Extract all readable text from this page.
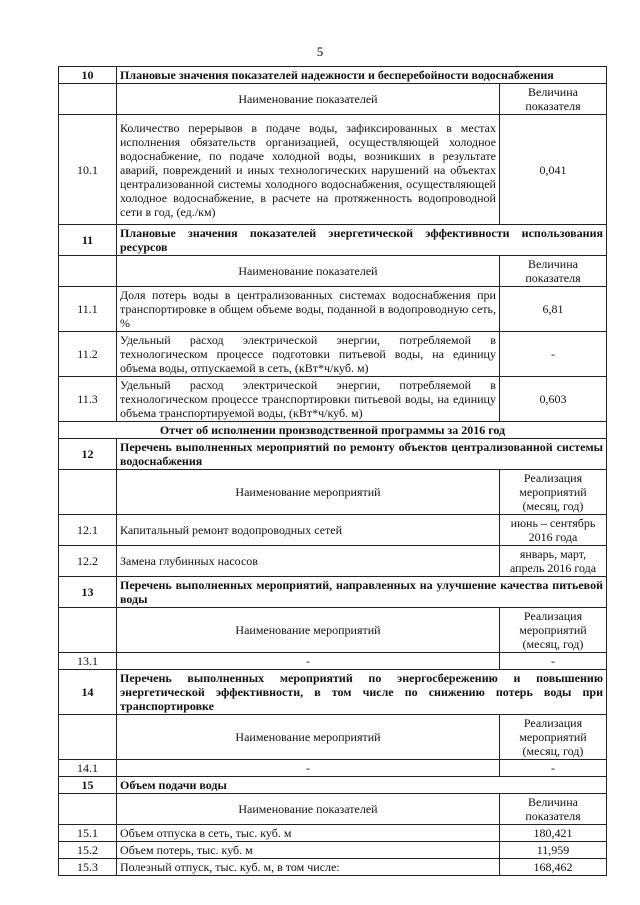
5
10	Плановые значения показателей надежности и бесперебойности водоснабжения	
	Наименование показателей	Величина показателя
10.1	Количество перерывов в подаче воды, зафиксированных в местах исполнения обязательств организацией, осуществляющей холодное водоснабжение, по подаче холодной воды, возникших в результате аварий, повреждений и иных технологических нарушений на объектах централизованной системы холодного водоснабжения, осуществляющей холодное водоснабжение, в расчете на протяженность водопроводной сети в год, (ед./км)	0,041
11	Плановые значения показателей энергетической эффективности использования ресурсов	
	Наименование показателей	Величина показателя
11.1	Доля потерь воды в централизованных системах водоснабжения при транспортировке в общем объеме воды, поданной в водопроводную сеть, %	6,81
11.2	Удельный расход электрической энергии, потребляемой в технологическом процессе подготовки питьевой воды, на единицу объема воды, отпускаемой в сеть, (кВт*ч/куб. м)	-
11.3	Удельный расход электрической энергии, потребляемой в технологическом процессе транспортировки питьевой воды, на единицу объема транспортируемой воды, (кВт*ч/куб. м)	0,603
Отчет об исполнении производственной программы за 2016 год		
12	Перечень выполненных мероприятий по ремонту объектов централизованной системы водоснабжения	
	Наименование мероприятий	Реализация мероприятий (месяц, год)
12.1	Капитальный ремонт водопроводных сетей	июнь – сентябрь 2016 года
12.2	Замена глубинных насосов	январь, март, апрель 2016 года
13	Перечень выполненных мероприятий, направленных на улучшение качества питьевой воды	
	Наименование мероприятий	Реализация мероприятий (месяц, год)
13.1	-	-
14	Перечень выполненных мероприятий по энергосбережению и повышению энергетической эффективности, в том числе по снижению потерь воды при транспортировке	
	Наименование мероприятий	Реализация мероприятий (месяц, год)
14.1	-	-
15	Объем подачи воды	
	Наименование показателей	Величина показателя
15.1	Объем отпуска в сеть, тыс. куб. м	180,421
15.2	Объем потерь, тыс. куб. м	11,959
15.3	Полезный отпуск, тыс. куб. м, в том числе:	168,462
